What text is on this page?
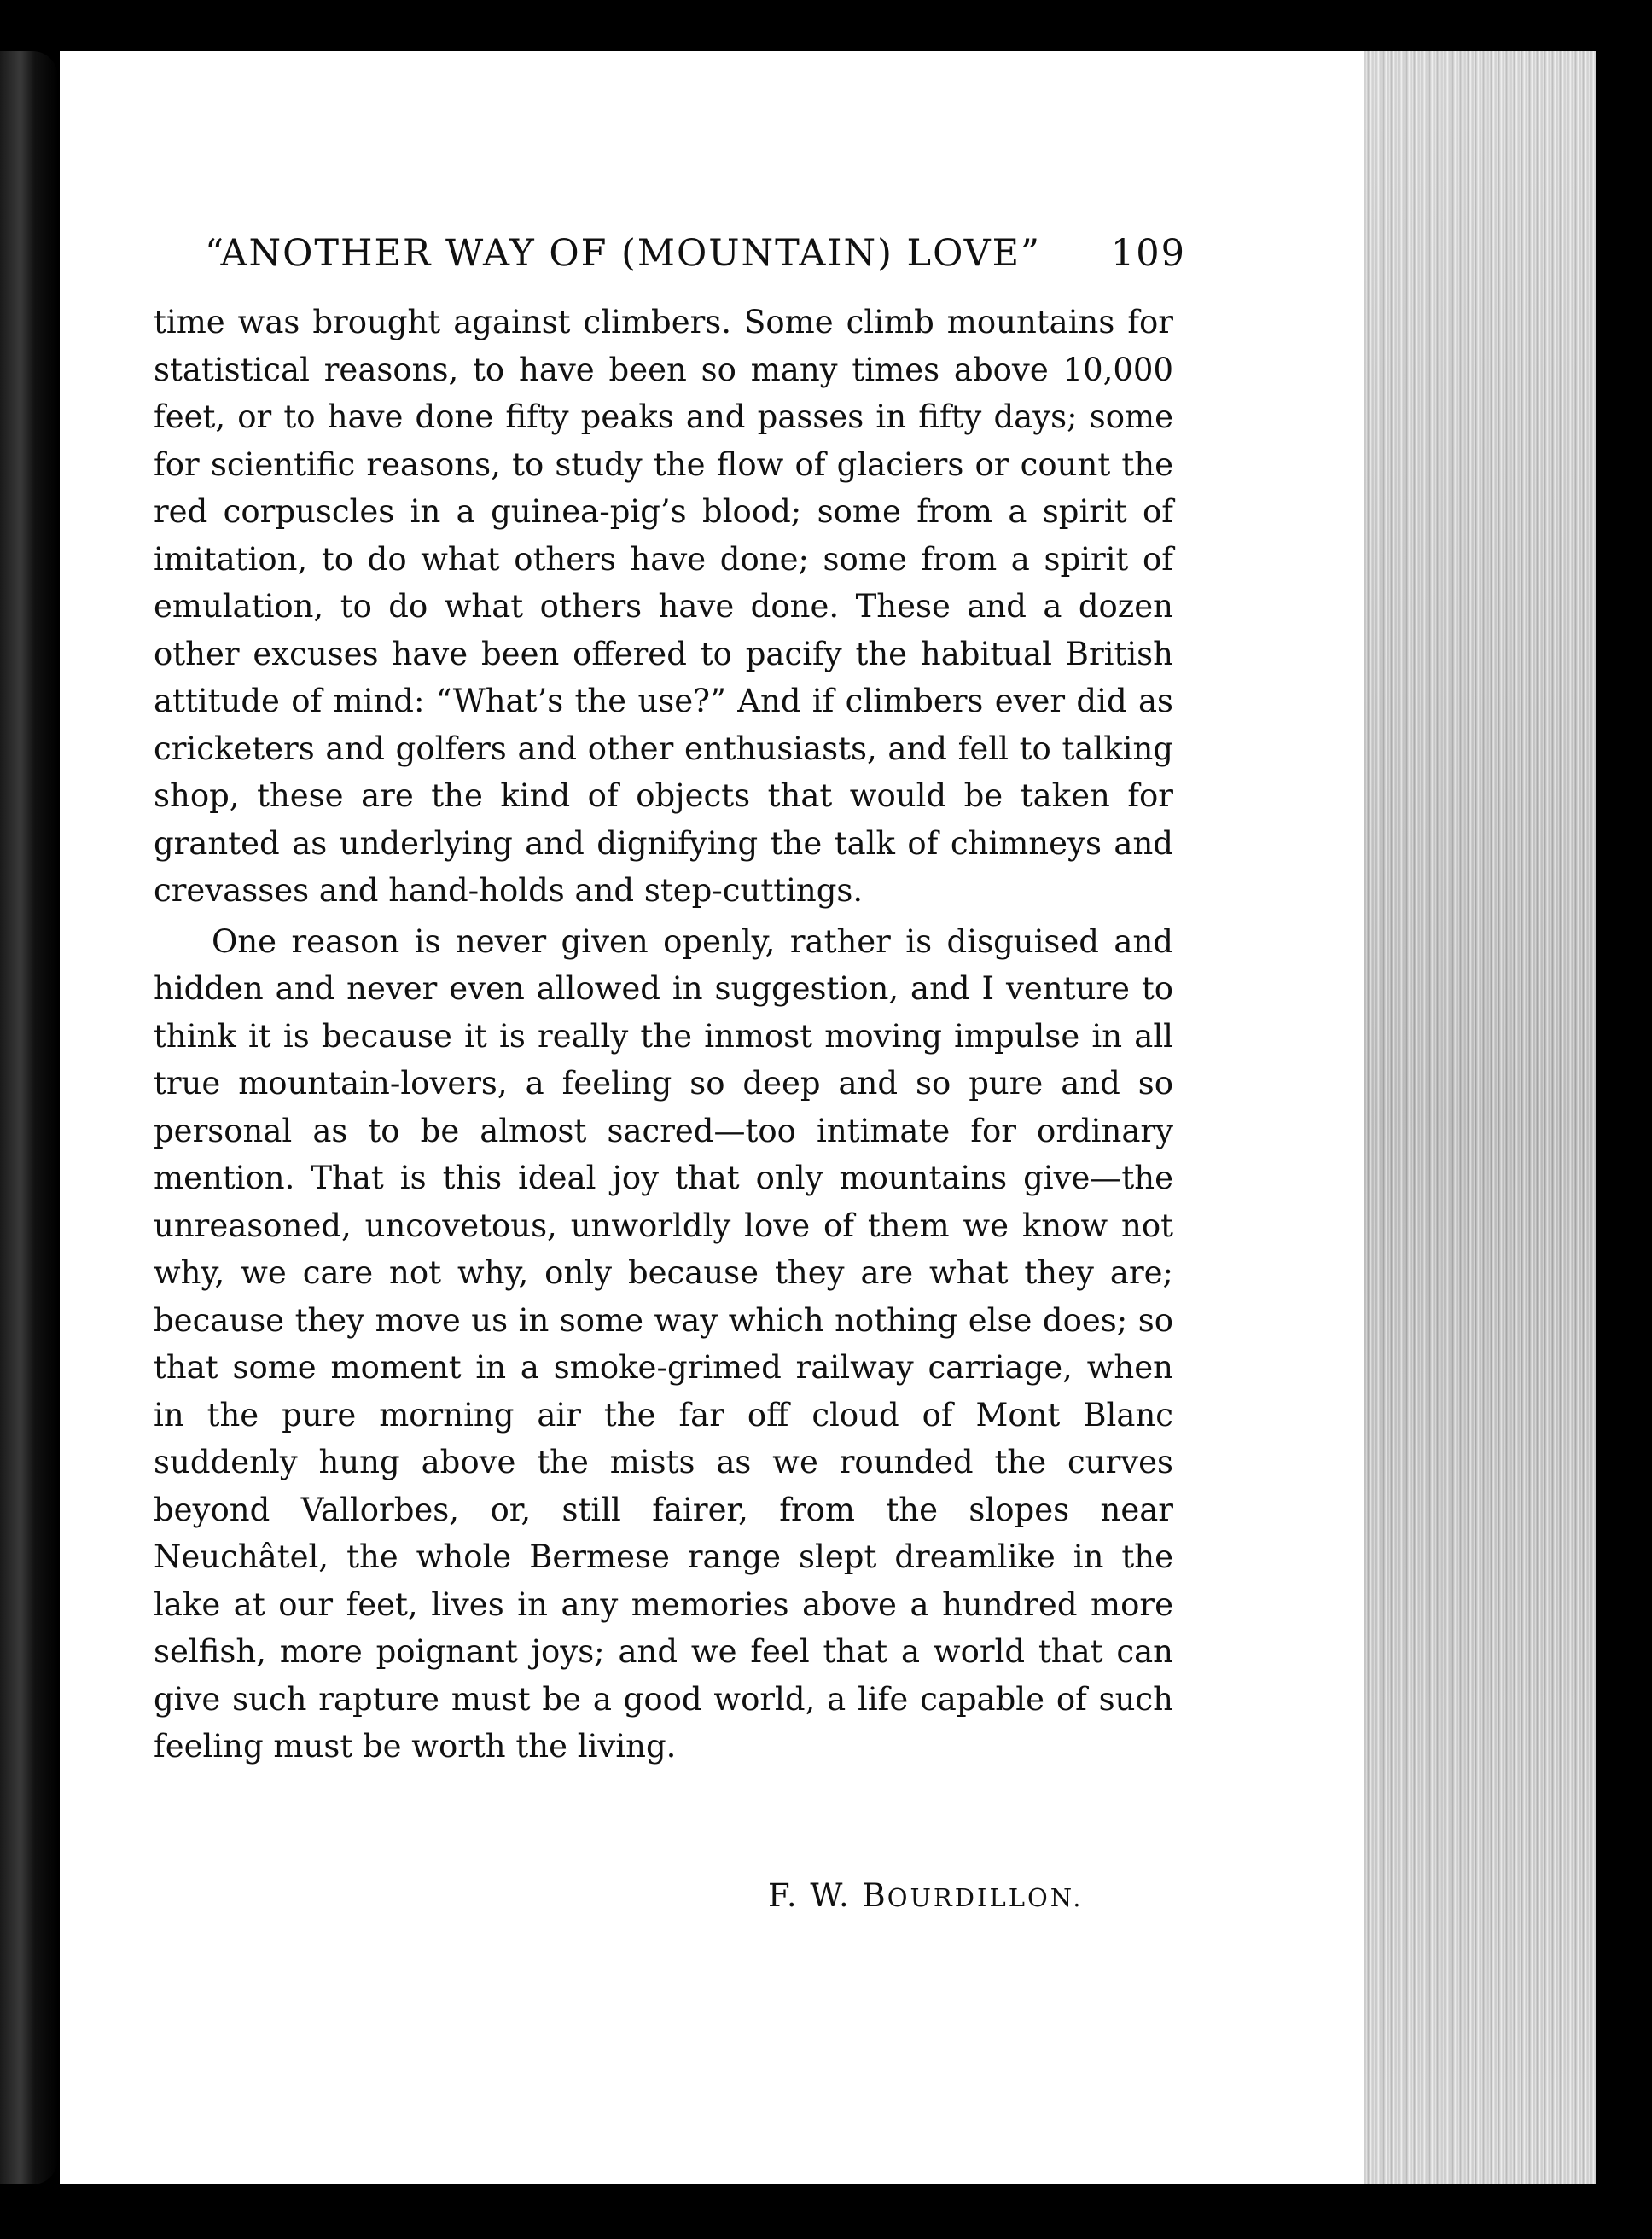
“ANOTHER WAY OF (MOUNTAIN) LOVE” 109

time was brought against climbers. Some climb mountains for statistical reasons, to have been so many times above 10,000 feet, or to have done fifty peaks and passes in fifty days; some for scientific reasons, to study the flow of glaciers or count the red corpuscles in a guinea-pig’s blood; some from a spirit of imitation, to do what others have done; some from a spirit of emulation, to do what others have done. These and a dozen other excuses have been offered to pacify the habitual British attitude of mind: “What’s the use?” And if climbers ever did as cricketers and golfers and other enthusiasts, and fell to talking shop, these are the kind of objects that would be taken for granted as underlying and dignifying the talk of chimneys and crevasses and hand-holds and step-cuttings.

One reason is never given openly, rather is disguised and hidden and never even allowed in suggestion, and I venture to think it is because it is really the inmost moving impulse in all true mountain-lovers, a feeling so deep and so pure and so personal as to be almost sacred—too intimate for ordinary mention. That is this ideal joy that only mountains give—the unreasoned, uncovetous, unworldly love of them we know not why, we care not why, only because they are what they are; because they move us in some way which nothing else does; so that some moment in a smoke-grimed railway carriage, when in the pure morning air the far off cloud of Mont Blanc suddenly hung above the mists as we rounded the curves beyond Vallorbes, or, still fairer, from the slopes near Neuchâtel, the whole Bermese range slept dreamlike in the lake at our feet, lives in any memories above a hundred more selfish, more poignant joys; and we feel that a world that can give such rapture must be a good world, a life capable of such feeling must be worth the living.

F. W. BOURDILLON.
